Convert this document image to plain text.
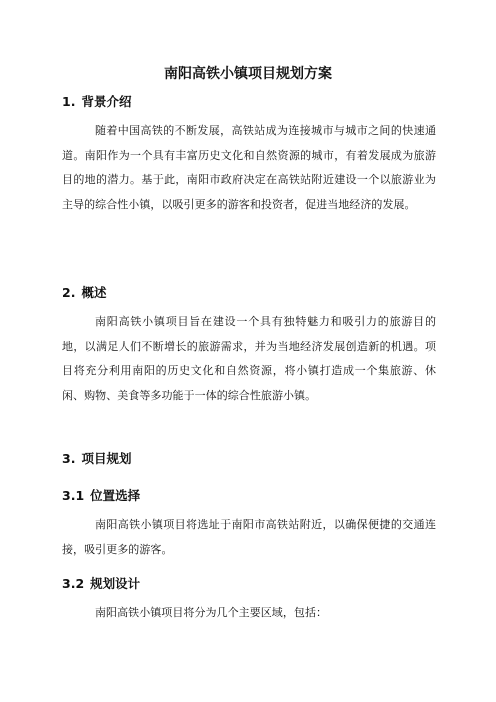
南阳高铁小镇项目规划方案
1. 背景介绍
随着中国高铁的不断发展，高铁站成为连接城市与城市之间的快速通道。南阳作为一个具有丰富历史文化和自然资源的城市，有着发展成为旅游目的地的潜力。基于此，南阳市政府决定在高铁站附近建设一个以旅游业为主导的综合性小镇，以吸引更多的游客和投资者，促进当地经济的发展。
2. 概述
南阳高铁小镇项目旨在建设一个具有独特魅力和吸引力的旅游目的地，以满足人们不断增长的旅游需求，并为当地经济发展创造新的机遇。项目将充分利用南阳的历史文化和自然资源，将小镇打造成一个集旅游、休闲、购物、美食等多功能于一体的综合性旅游小镇。
3. 项目规划
3.1 位置选择
南阳高铁小镇项目将选址于南阳市高铁站附近，以确保便捷的交通连接，吸引更多的游客。
3.2 规划设计
南阳高铁小镇项目将分为几个主要区域，包括：
